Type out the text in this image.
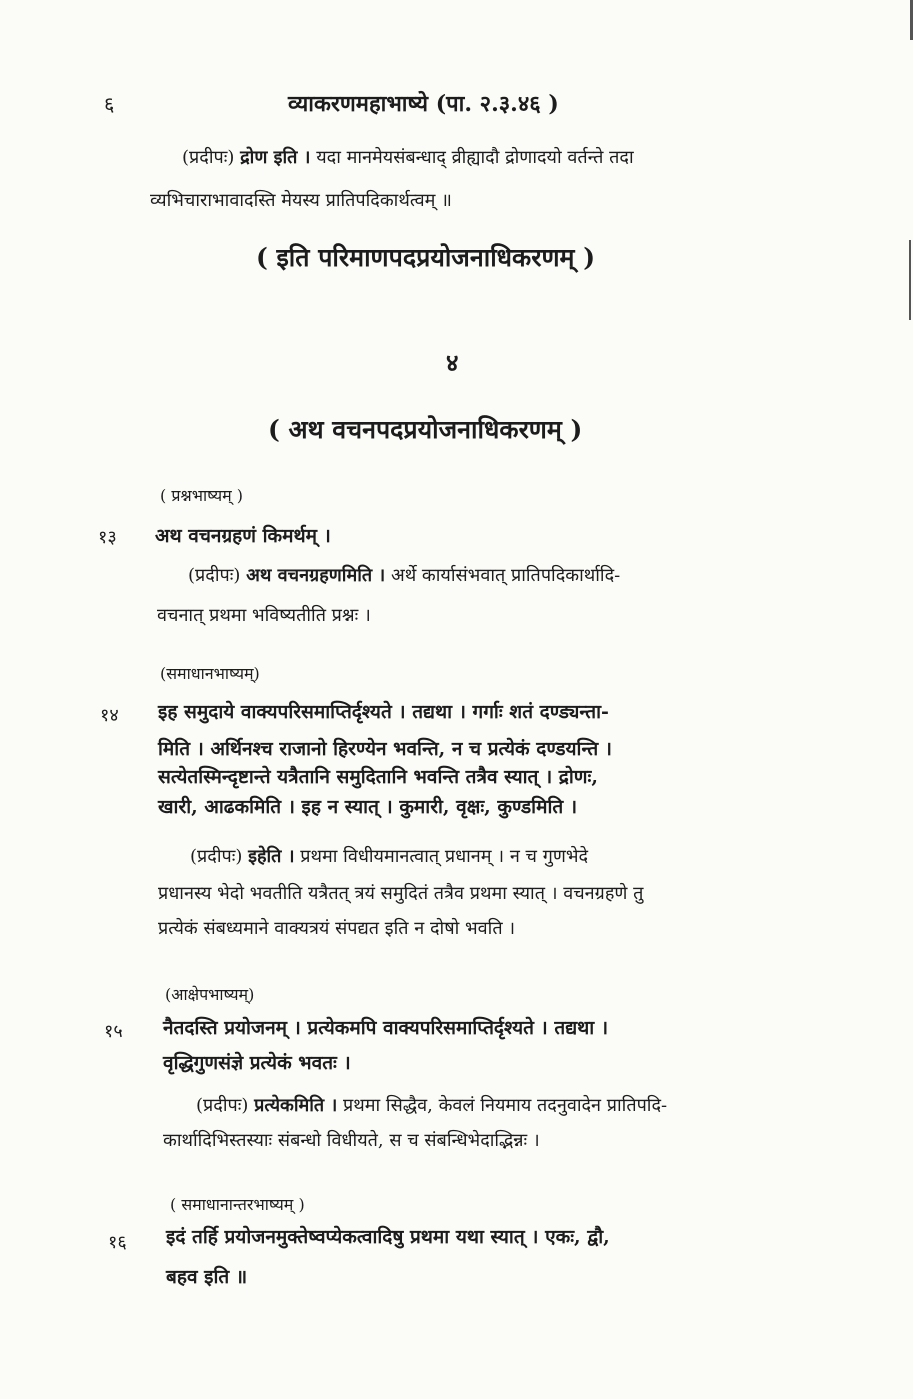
६	व्याकरणमहाभाष्ये (पा. २.३.४६ )
(प्रदीपः) द्रोण इति । यदा मानमेयसंबन्धाद् व्रीह्यादौ द्रोणादयो वर्तन्ते तदा
व्यभिचाराभावादस्ति मेयस्य प्रातिपदिकार्थत्वम् ॥
( इति परिमाणपदप्रयोजनाधिकरणम् )
४
( अथ वचनपदप्रयोजनाधिकरणम् )
( प्रश्नभाष्यम् )
१३ अथ वचनग्रहणं किमर्थम् ।
(प्रदीपः) अथ वचनग्रहणमिति । अर्थे कार्यासंभवात् प्रातिपदिकार्थादि-
वचनात् प्रथमा भविष्यतीति प्रश्नः ।
(समाधानभाष्यम्)
१४ इह समुदाये वाक्यपरिसमाप्तिर्दृश्यते । तद्यथा । गर्गाः शतं दण्ड्यन्ता-
मिति । अर्थिनश्च राजानो हिरण्येन भवन्ति, न च प्रत्येकं दण्डयन्ति ।
सत्येतस्मिन्दृष्टान्ते यत्रैतानि समुदितानि भवन्ति तत्रैव स्यात् । द्रोणः,
खारी, आढकमिति । इह न स्यात् । कुमारी, वृक्षः, कुण्डमिति ।
(प्रदीपः) इहेति । प्रथमा विधीयमानत्वात् प्रधानम् । न च गुणभेदे
प्रधानस्य भेदो भवतीति यत्रैतत् त्रयं समुदितं तत्रैव प्रथमा स्यात् । वचनग्रहणे तु
प्रत्येकं संबध्यमाने वाक्यत्रयं संपद्यत इति न दोषो भवति ।
(आक्षेपभाष्यम्)
१५ नैतदस्ति प्रयोजनम् । प्रत्येकमपि वाक्यपरिसमाप्तिर्दृश्यते । तद्यथा ।
वृद्धिगुणसंज्ञे प्रत्येकं भवतः ।
(प्रदीपः) प्रत्येकमिति । प्रथमा सिद्धैव, केवलं नियमाय तदनुवादेन प्रातिपदि-
कार्थादिभिस्तस्याः संबन्धो विधीयते, स च संबन्धिभेदाद्भिन्नः ।
( समाधानान्तरभाष्यम् )
१६ इदं तर्हि प्रयोजनमुक्तेष्वप्येकत्वादिषु प्रथमा यथा स्यात् । एकः, द्वौ,
बहव इति ॥
